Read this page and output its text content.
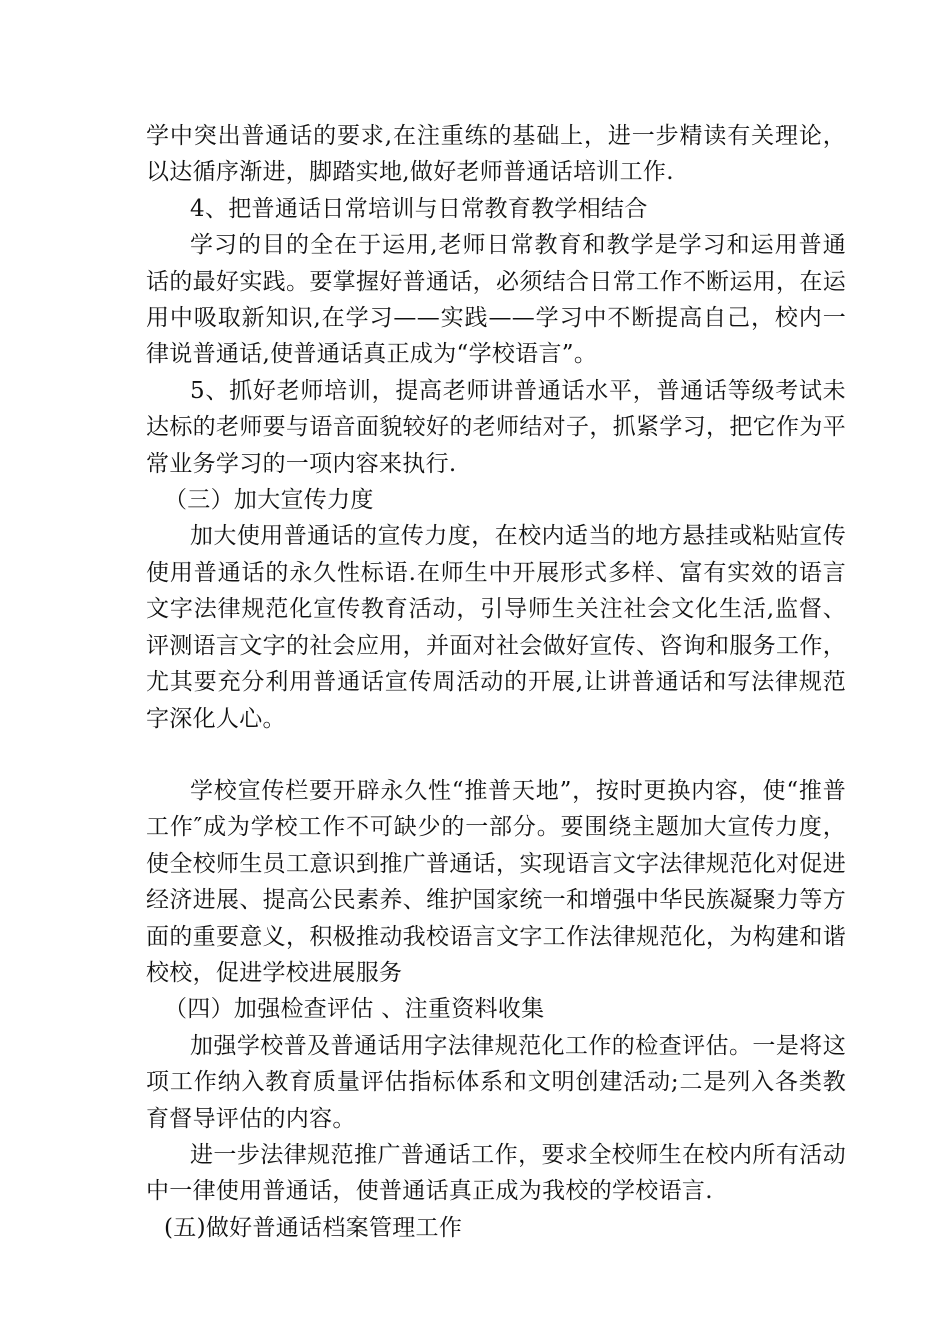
学中突出普通话的要求,在注重练的基础上，进一步精读有关理论，以达循序渐进，脚踏实地,做好老师普通话培训工作.

4、把普通话日常培训与日常教育教学相结合

学习的目的全在于运用,老师日常教育和教学是学习和运用普通话的最好实践。要掌握好普通话，必须结合日常工作不断运用，在运用中吸取新知识,在学习——实践——学习中不断提高自己，校内一律说普通话,使普通话真正成为“学校语言”。

5、抓好老师培训，提高老师讲普通话水平，普通话等级考试未达标的老师要与语音面貌较好的老师结对子，抓紧学习，把它作为平常业务学习的一项内容来执行.

（三）加大宣传力度

加大使用普通话的宣传力度，在校内适当的地方悬挂或粘贴宣传使用普通话的永久性标语.在师生中开展形式多样、富有实效的语言文字法律规范化宣传教育活动，引导师生关注社会文化生活,监督、评测语言文字的社会应用，并面对社会做好宣传、咨询和服务工作，尤其要充分利用普通话宣传周活动的开展,让讲普通话和写法律规范字深化人心。

学校宣传栏要开辟永久性“推普天地”，按时更换内容，使“推普工作″成为学校工作不可缺少的一部分。要围绕主题加大宣传力度，使全校师生员工意识到推广普通话，实现语言文字法律规范化对促进经济进展、提高公民素养、维护国家统一和增强中华民族凝聚力等方面的重要意义，积极推动我校语言文字工作法律规范化，为构建和谐校校，促进学校进展服务

（四）加强检查评估 、注重资料收集

加强学校普及普通话用字法律规范化工作的检查评估。一是将这项工作纳入教育质量评估指标体系和文明创建活动;二是列入各类教育督导评估的内容。

进一步法律规范推广普通话工作，要求全校师生在校内所有活动中一律使用普通话，使普通话真正成为我校的学校语言.

(五)做好普通话档案管理工作
